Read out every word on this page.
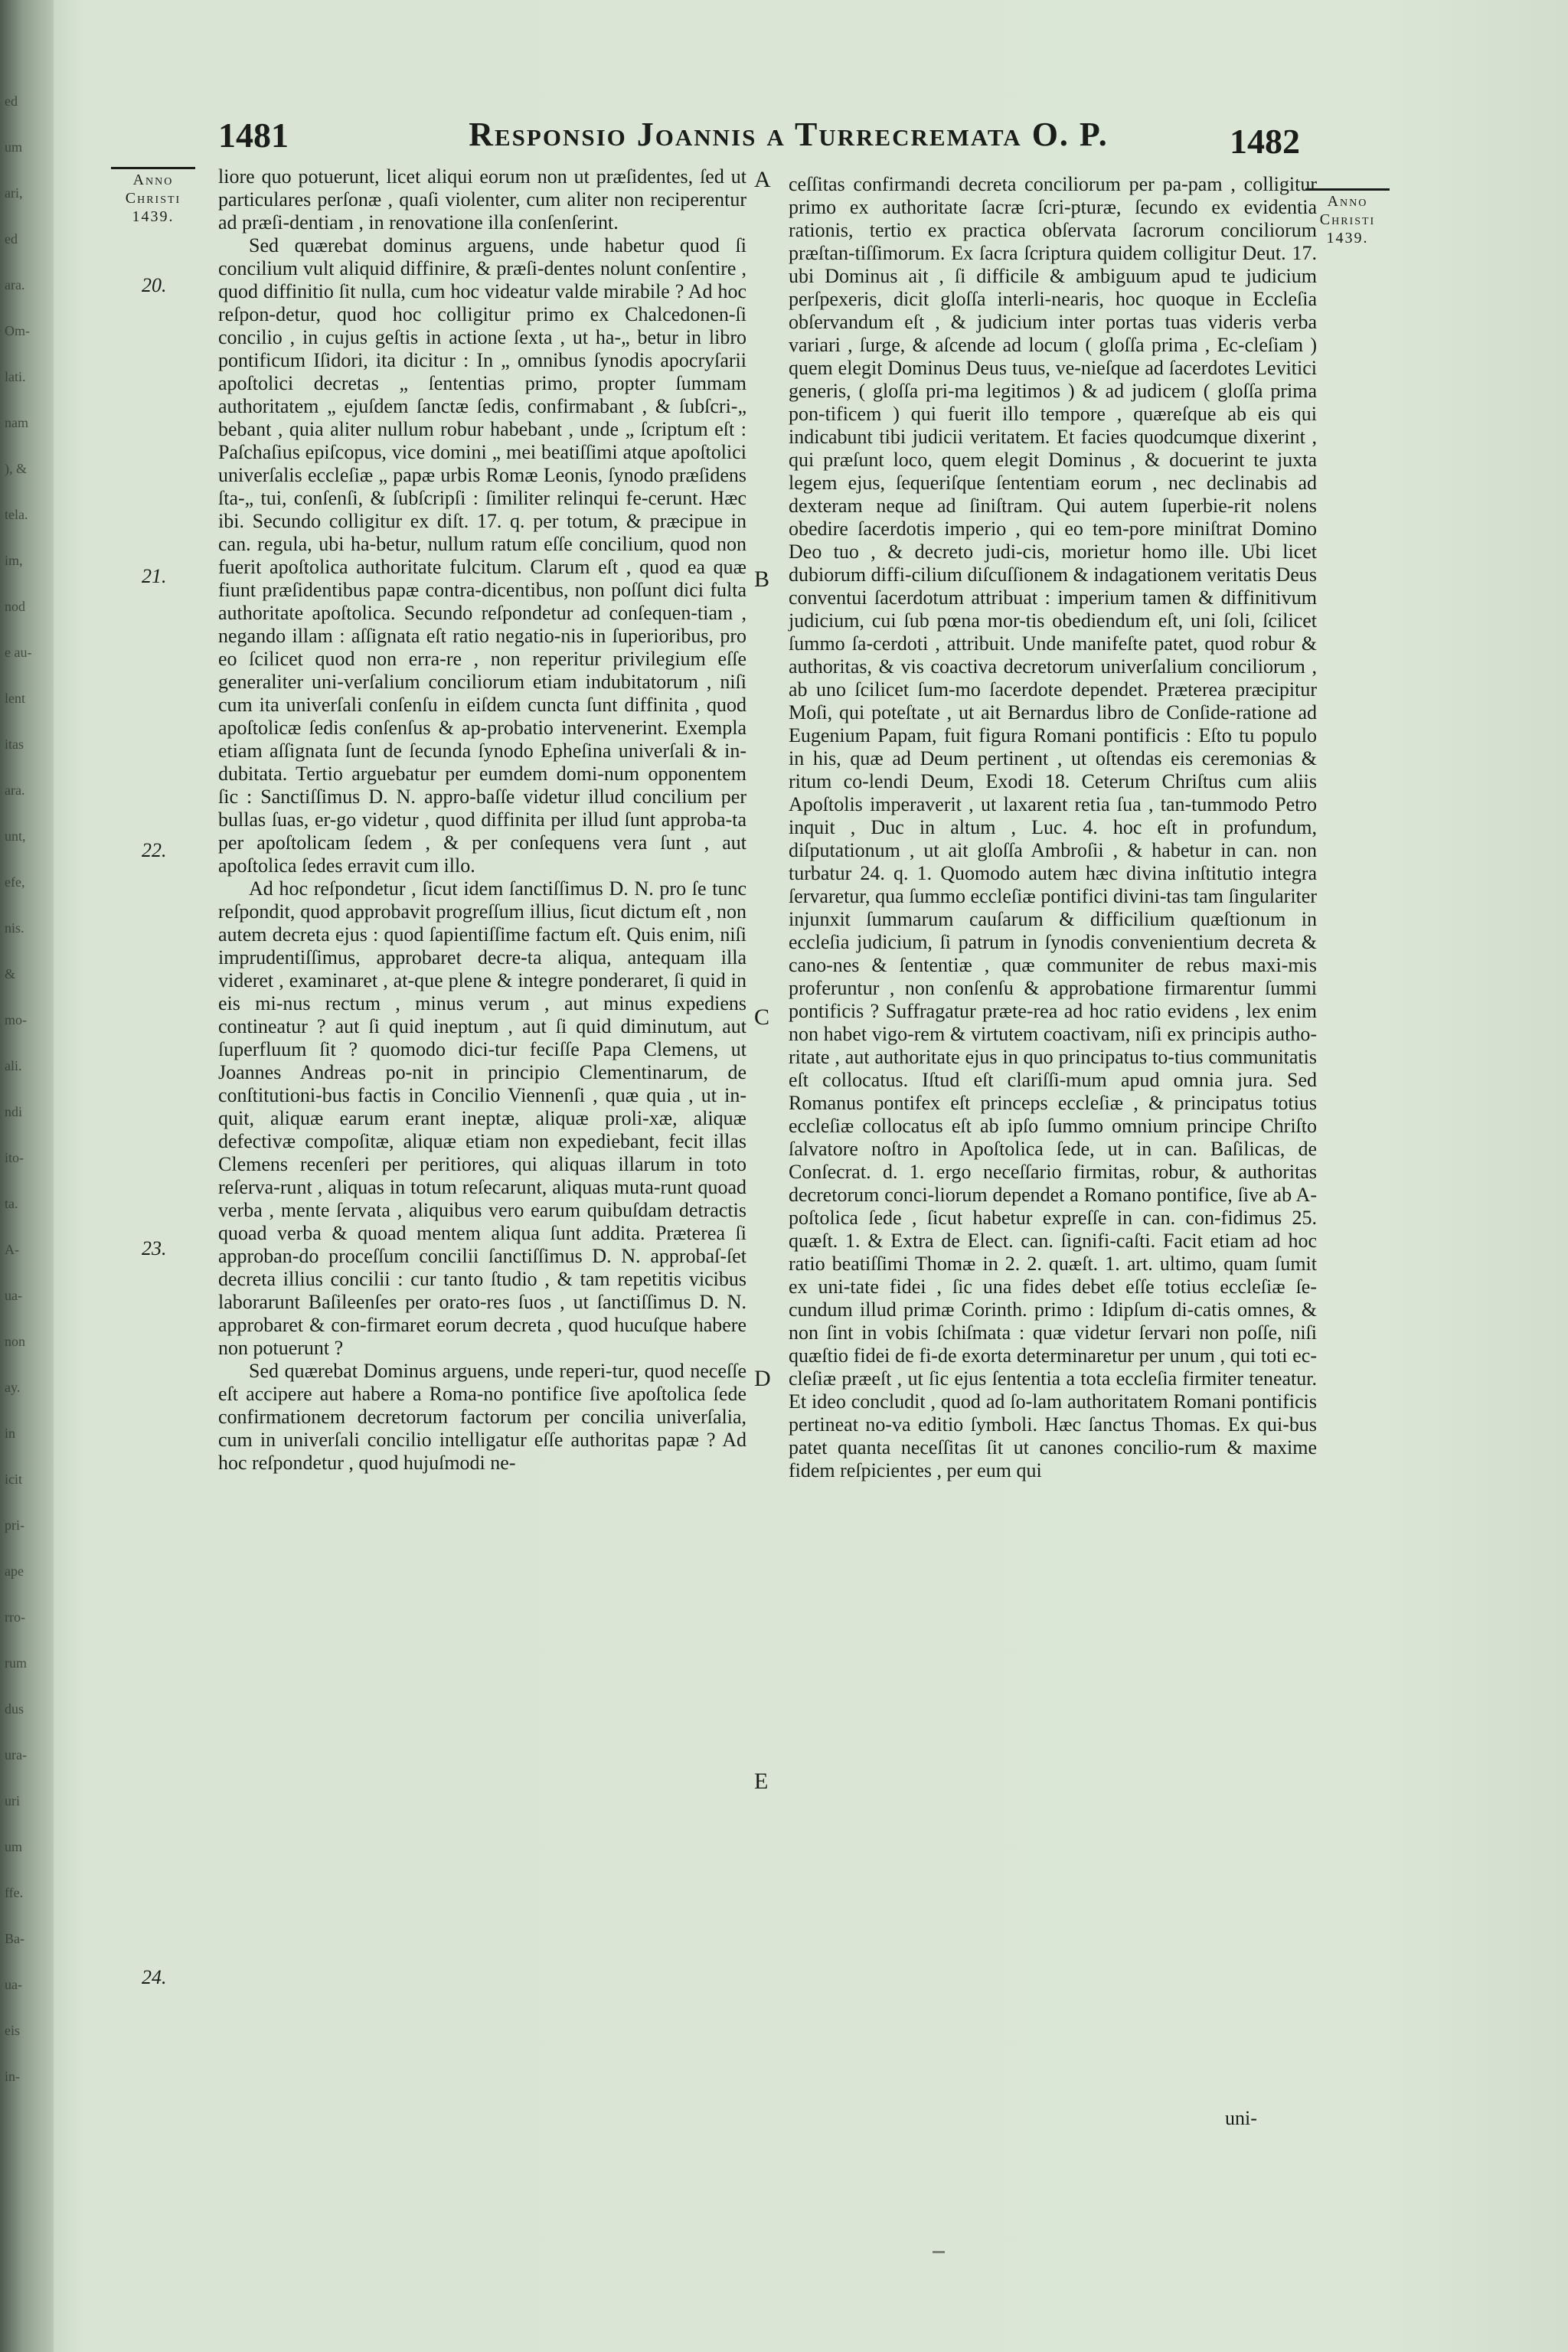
ed
um
ari,
ed
ara.
Om-
lati.
nam
), &
tela.
im,
nod
e au-
lent
itas
ara.
unt,
efe,
nis.
&
mo-
ali.
ndi
ito-
ta.
A-
ua-
non
ay.
in
icit
pri-
ape
rro-
rum
dus
ura-
uri
um
ffe.
Ba-
ua-
eis
in-
1481	Responsio Joannis a Turrecremata O. P.	1482
Anno
Christi
1439.
Anno
Christi
1439.
20.
21.
22.
23.
24.
A
B
C
D
E

liore quo potuerunt, licet aliqui eorum non ut præſidentes, ſed ut particulares perſonæ , quaſi violenter, cum aliter non reciperentur ad præſi-dentiam , in renovatione illa conſenſerint.

Sed quærebat dominus arguens, unde habetur quod ſi concilium vult aliquid diffinire, & præſi-dentes nolunt conſentire , quod diffinitio ſit nulla, cum hoc videatur valde mirabile ? Ad hoc reſpon-detur, quod hoc colligitur primo ex Chalcedonen-ſi concilio , in cujus geſtis in actione ſexta , ut ha-„ betur in libro pontificum Iſidori, ita dicitur : In „ omnibus ſynodis apocryſarii apoſtolici decretas „ ſententias primo, propter ſummam authoritatem „ ejuſdem ſanctæ ſedis, confirmabant , & ſubſcri-„ bebant , quia aliter nullum robur habebant , unde „ ſcriptum eſt : Paſchaſius epiſcopus, vice domini „ mei beatiſſimi atque apoſtolici univerſalis eccleſiæ „ papæ urbis Romæ Leonis, ſynodo præſidens ſta-„ tui, conſenſi, & ſubſcripſi : ſimiliter relinqui fe-cerunt. Hæc ibi. Secundo colligitur ex diſt. 17. q. per totum, & præcipue in can. regula, ubi ha-betur, nullum ratum eſſe concilium, quod non fuerit apoſtolica authoritate fulcitum. Clarum eſt , quod ea quæ fiunt præſidentibus papæ contra-dicentibus, non poſſunt dici fulta authoritate apoſtolica. Secundo reſpondetur ad conſequen-tiam , negando illam : aſſignata eſt ratio negatio-nis in ſuperioribus, pro eo ſcilicet quod non erra-re , non reperitur privilegium eſſe generaliter uni-verſalium conciliorum etiam indubitatorum , niſi cum ita univerſali conſenſu in eiſdem cuncta ſunt diffinita , quod apoſtolicæ ſedis conſenſus & ap-probatio intervenerint. Exempla etiam aſſignata ſunt de ſecunda ſynodo Epheſina univerſali & in-dubitata. Tertio arguebatur per eumdem domi-num opponentem ſic : Sanctiſſimus D. N. appro-baſſe videtur illud concilium per bullas ſuas, er-go videtur , quod diffinita per illud ſunt approba-ta per apoſtolicam ſedem , & per conſequens vera ſunt , aut apoſtolica ſedes erravit cum illo.

Ad hoc reſpondetur , ſicut idem ſanctiſſimus D. N. pro ſe tunc reſpondit, quod approbavit progreſſum illius, ſicut dictum eſt , non autem decreta ejus : quod ſapientiſſime factum eſt. Quis enim, niſi imprudentiſſimus, approbaret decre-ta aliqua, antequam illa videret , examinaret , at-que plene & integre ponderaret, ſi quid in eis mi-nus rectum , minus verum , aut minus expediens contineatur ? aut ſi quid ineptum , aut ſi quid diminutum, aut ſuperfluum ſit ? quomodo dici-tur feciſſe Papa Clemens, ut Joannes Andreas po-nit in principio Clementinarum, de conſtitutioni-bus factis in Concilio Viennenſi , quæ quia , ut in-quit, aliquæ earum erant ineptæ, aliquæ proli-xæ, aliquæ defectivæ compoſitæ, aliquæ etiam non expediebant, fecit illas Clemens recenſeri per peritiores, qui aliquas illarum in toto reſerva-runt , aliquas in totum reſecarunt, aliquas muta-runt quoad verba , mente ſervata , aliquibus vero earum quibuſdam detractis quoad verba & quoad mentem aliqua ſunt addita. Præterea ſi approban-do proceſſum concilii ſanctiſſimus D. N. approbaſ-ſet decreta illius concilii : cur tanto ſtudio , & tam repetitis vicibus laborarunt Baſileenſes per orato-res ſuos , ut ſanctiſſimus D. N. approbaret & con-firmaret eorum decreta , quod hucuſque habere non potuerunt ?

Sed quærebat Dominus arguens, unde reperi-tur, quod neceſſe eſt accipere aut habere a Roma-no pontifice ſive apoſtolica ſede confirmationem decretorum factorum per concilia univerſalia, cum in univerſali concilio intelligatur eſſe authoritas papæ ? Ad hoc reſpondetur , quod hujuſmodi ne-

ceſſitas confirmandi decreta conciliorum per pa-pam , colligitur primo ex authoritate ſacræ ſcri-pturæ, ſecundo ex evidentia rationis, tertio ex practica obſervata ſacrorum conciliorum præſtan-tiſſimorum. Ex ſacra ſcriptura quidem colligitur Deut. 17. ubi Dominus ait , ſi difficile & ambiguum apud te judicium perſpexeris, dicit gloſſa interli-nearis, hoc quoque in Eccleſia obſervandum eſt , & judicium inter portas tuas videris verba variari , ſurge, & aſcende ad locum ( gloſſa prima , Ec-cleſiam ) quem elegit Dominus Deus tuus, ve-nieſque ad ſacerdotes Levitici generis, ( gloſſa pri-ma legitimos ) & ad judicem ( gloſſa prima pon-tificem ) qui fuerit illo tempore , quæreſque ab eis qui indicabunt tibi judicii veritatem. Et facies quodcumque dixerint , qui præſunt loco, quem elegit Dominus , & docuerint te juxta legem ejus, ſequeriſque ſententiam eorum , nec declinabis ad dexteram neque ad ſiniſtram. Qui autem ſuperbie-rit nolens obedire ſacerdotis imperio , qui eo tem-pore miniſtrat Domino Deo tuo , & decreto judi-cis, morietur homo ille. Ubi licet dubiorum diffi-cilium diſcuſſionem & indagationem veritatis Deus conventui ſacerdotum attribuat : imperium tamen & diffinitivum judicium, cui ſub pœna mor-tis obediendum eſt, uni ſoli, ſcilicet ſummo ſa-cerdoti , attribuit. Unde manifeſte patet, quod robur & authoritas, & vis coactiva decretorum univerſalium conciliorum , ab uno ſcilicet ſum-mo ſacerdote dependet. Præterea præcipitur Moſi, qui poteſtate , ut ait Bernardus libro de Conſide-ratione ad Eugenium Papam, fuit figura Romani pontificis : Eſto tu populo in his, quæ ad Deum pertinent , ut oſtendas eis ceremonias & ritum co-lendi Deum, Exodi 18. Ceterum Chriſtus cum aliis Apoſtolis imperaverit , ut laxarent retia ſua , tan-tummodo Petro inquit , Duc in altum , Luc. 4. hoc eſt in profundum, diſputationum , ut ait gloſſa Ambroſii , & habetur in can. non turbatur 24. q. 1. Quomodo autem hæc divina inſtitutio integra ſervaretur, qua ſummo eccleſiæ pontifici divini-tas tam ſingulariter injunxit ſummarum cauſarum & difficilium quæſtionum in eccleſia judicium, ſi patrum in ſynodis convenientium decreta & cano-nes & ſententiæ , quæ communiter de rebus maxi-mis proferuntur , non conſenſu & approbatione firmarentur ſummi pontificis ? Suffragatur præte-rea ad hoc ratio evidens , lex enim non habet vigo-rem & virtutem coactivam, niſi ex principis autho-ritate , aut authoritate ejus in quo principatus to-tius communitatis eſt collocatus. Iſtud eſt clariſſi-mum apud omnia jura. Sed Romanus pontifex eſt princeps eccleſiæ , & principatus totius eccleſiæ collocatus eſt ab ipſo ſummo omnium principe Chriſto ſalvatore noſtro in Apoſtolica ſede, ut in can. Baſilicas, de Conſecrat. d. 1. ergo neceſſario firmitas, robur, & authoritas decretorum conci-liorum dependet a Romano pontifice, ſive ab A-poſtolica ſede , ſicut habetur expreſſe in can. con-fidimus 25. quæſt. 1. & Extra de Elect. can. ſignifi-caſti. Facit etiam ad hoc ratio beatiſſimi Thomæ in 2. 2. quæſt. 1. art. ultimo, quam ſumit ex uni-tate fidei , ſic una fides debet eſſe totius eccleſiæ ſe-cundum illud primæ Corinth. primo : Idipſum di-catis omnes, & non ſint in vobis ſchiſmata : quæ videtur ſervari non poſſe, niſi quæſtio fidei de fi-de exorta determinaretur per unum , qui toti ec-cleſiæ præeſt , ut ſic ejus ſententia a tota eccleſia firmiter teneatur. Et ideo concludit , quod ad ſo-lam authoritatem Romani pontificis pertineat no-va editio ſymboli. Hæc ſanctus Thomas. Ex qui-bus patet quanta neceſſitas ſit ut canones concilio-rum & maxime fidem reſpicientes , per eum qui

uni-
